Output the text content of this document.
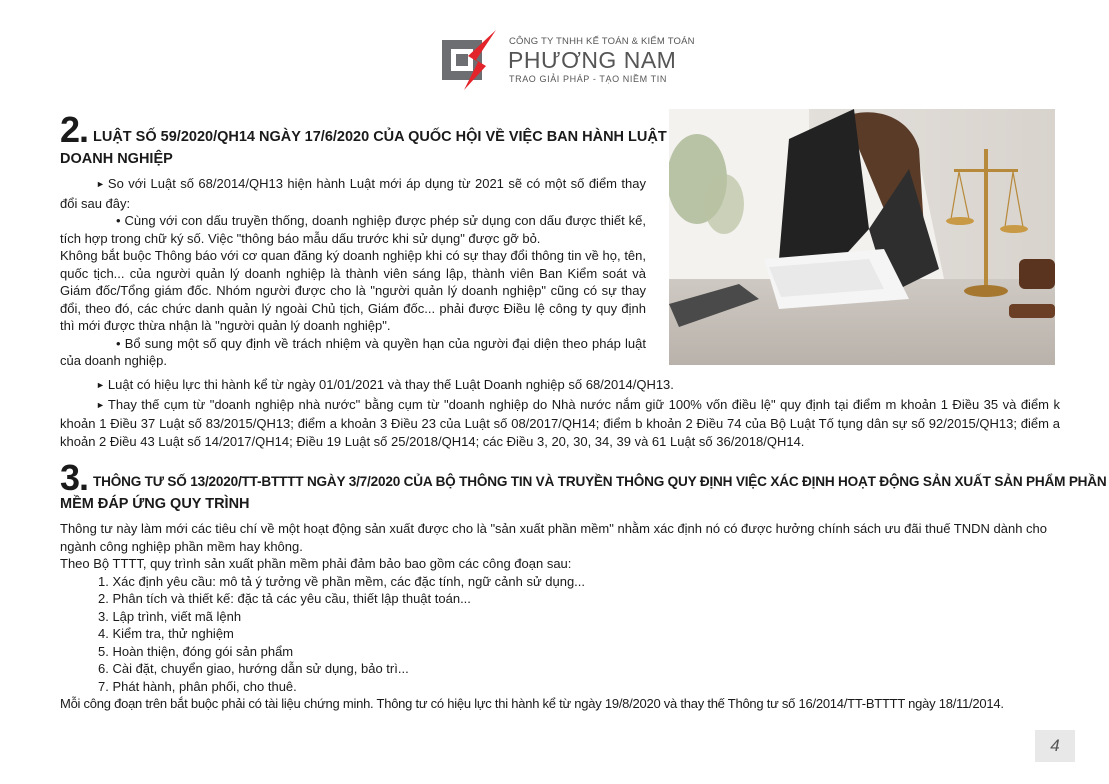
CÔNG TY TNHH KẾ TOÁN & KIỂM TOÁN
PHƯƠNG NAM
TRAO GIẢI PHÁP - TẠO NIỀM TIN
2. LUẬT SỐ 59/2020/QH14 NGÀY 17/6/2020 CỦA QUỐC HỘI VỀ VIỆC BAN HÀNH LUẬT
DOANH NGHIỆP

► So với Luật số 68/2014/QH13 hiện hành Luật mới áp dụng từ 2021 sẽ có một số điểm thay đổi sau đây:

• Cùng với con dấu truyền thống, doanh nghiệp được phép sử dụng con dấu được thiết kế, tích hợp trong chữ ký số. Việc "thông báo mẫu dấu trước khi sử dụng" được gỡ bỏ.

Không bắt buộc Thông báo với cơ quan đăng ký doanh nghiệp khi có sự thay đổi thông tin về họ, tên, quốc tịch... của người quản lý doanh nghiệp là thành viên sáng lập, thành viên Ban Kiểm soát và Giám đốc/Tổng giám đốc. Nhóm người được cho là "người quản lý doanh nghiệp" cũng có sự thay đổi, theo đó, các chức danh quản lý ngoài Chủ tịch, Giám đốc... phải được Điều lệ công ty quy định thì mới được thừa nhận là "người quản lý doanh nghiệp".

• Bổ sung một số quy định về trách nhiệm và quyền hạn của người đại diện theo pháp luật của doanh nghiệp.

► Luật có hiệu lực thi hành kể từ ngày 01/01/2021 và thay thế Luật Doanh nghiệp số 68/2014/QH13.

► Thay thế cụm từ "doanh nghiệp nhà nước" bằng cụm từ "doanh nghiệp do Nhà nước nắm giữ 100% vốn điều lệ" quy định tại điểm m khoản 1 Điều 35 và điểm k khoản 1 Điều 37 Luật số 83/2015/QH13; điểm a khoản 3 Điều 23 của Luật số 08/2017/QH14; điểm b khoản 2 Điều 74 của Bộ Luật Tố tụng dân sự số 92/2015/QH13; điểm a khoản 2 Điều 43 Luật số 14/2017/QH14; Điều 19 Luật số 25/2018/QH14; các Điều 3, 20, 30, 34, 39 và 61 Luật số 36/2018/QH14.

3. THÔNG TƯ SỐ 13/2020/TT-BTTTT NGÀY 3/7/2020 CỦA BỘ THÔNG TIN VÀ TRUYỀN THÔNG QUY ĐỊNH VIỆC XÁC ĐỊNH HOẠT ĐỘNG SẢN XUẤT SẢN PHẨM PHẦN
MỀM ĐÁP ỨNG QUY TRÌNH

Thông tư này làm mới các tiêu chí về một hoạt động sản xuất được cho là "sản xuất phần mềm" nhằm xác định nó có được hưởng chính sách ưu đãi thuế TNDN dành cho ngành công nghiệp phần mềm hay không.

Theo Bộ TTTT, quy trình sản xuất phần mềm phải đảm bảo bao gồm các công đoạn sau:

1. Xác định yêu cầu: mô tả ý tưởng về phần mềm, các đặc tính, ngữ cảnh sử dụng...
2. Phân tích và thiết kế: đặc tả các yêu cầu, thiết lập thuật toán...
3. Lập trình, viết mã lệnh
4. Kiểm tra, thử nghiệm
5. Hoàn thiện, đóng gói sản phẩm
6. Cài đặt, chuyển giao, hướng dẫn sử dụng, bảo trì...
7. Phát hành, phân phối, cho thuê.

Mỗi công đoạn trên bắt buộc phải có tài liệu chứng minh. Thông tư có hiệu lực thi hành kể từ ngày 19/8/2020 và thay thế Thông tư số 16/2014/TT-BTTTT ngày 18/11/2014.

4
